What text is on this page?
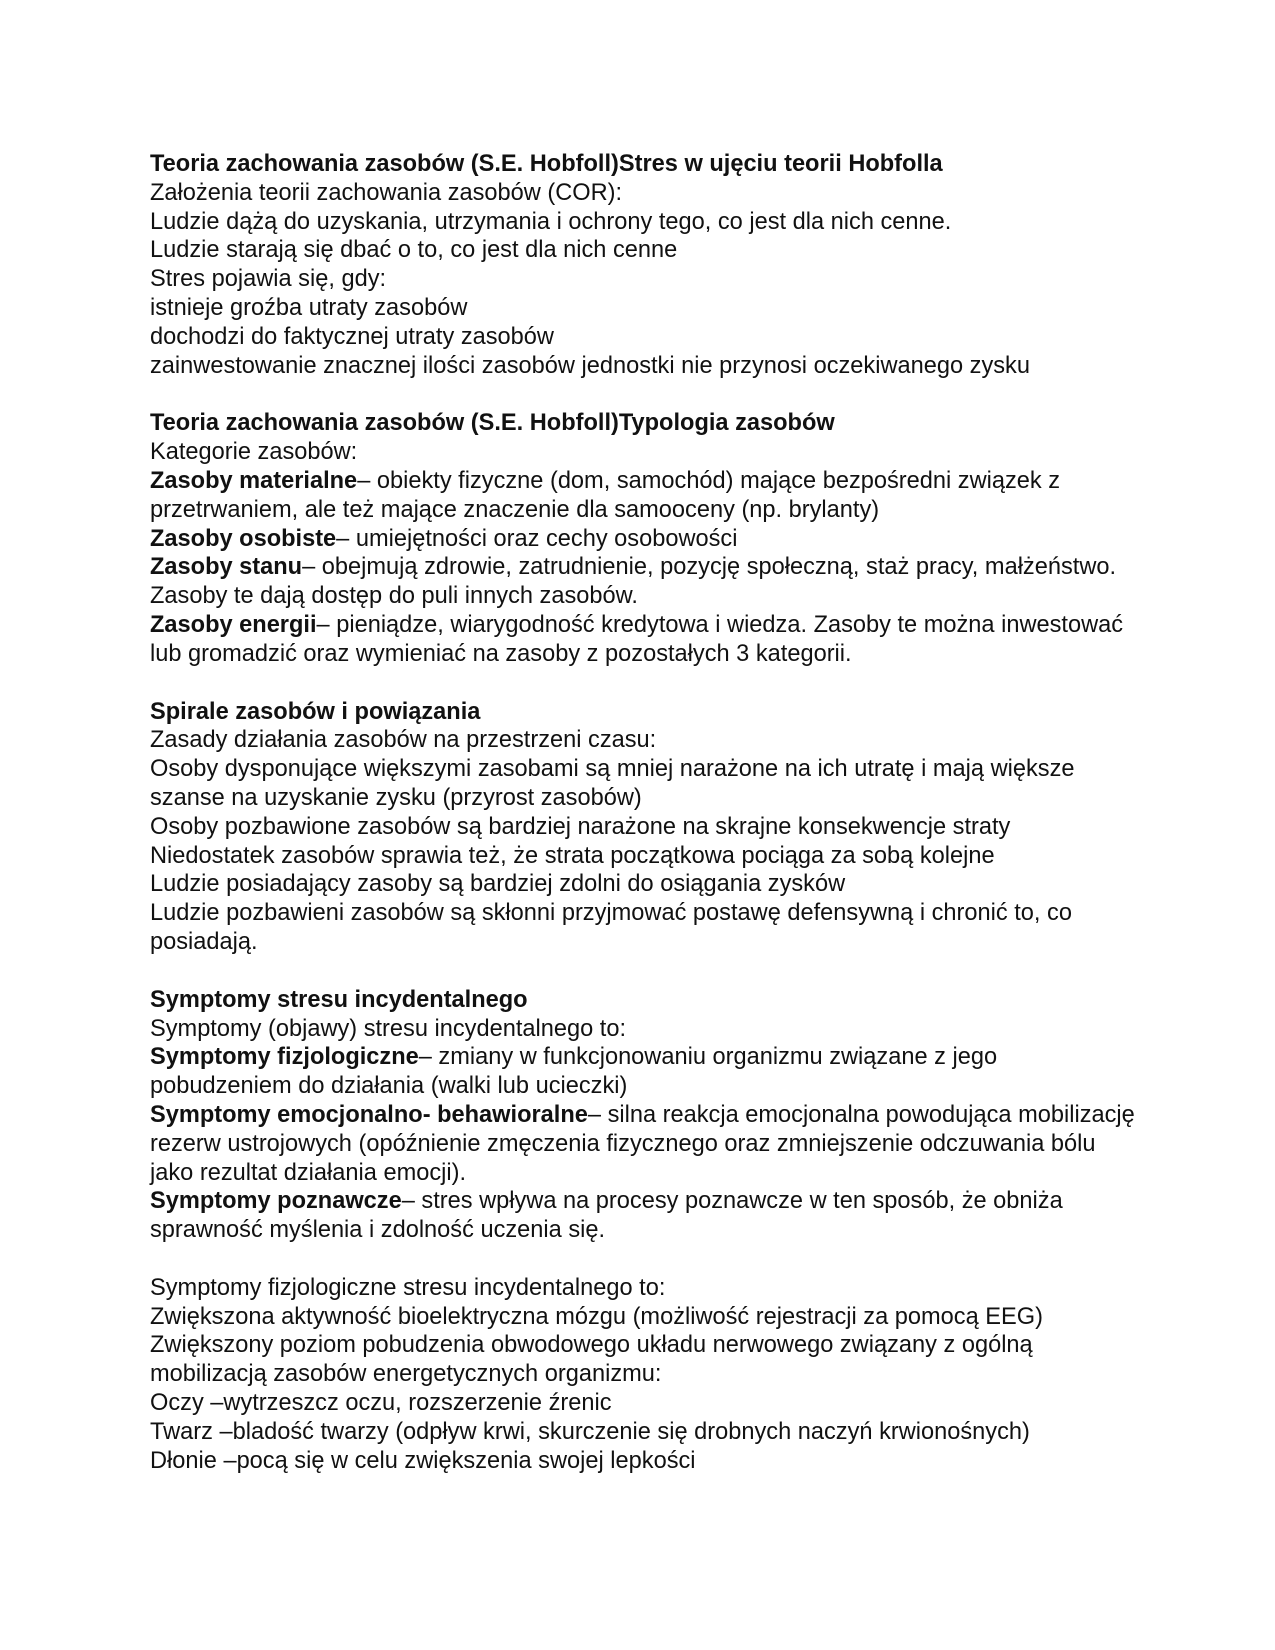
Teoria zachowania zasobów (S.E. Hobfoll)Stres w ujęciu teorii Hobfolla
Założenia teorii zachowania zasobów (COR):
Ludzie dążą do uzyskania, utrzymania i ochrony tego, co jest dla nich cenne.
Ludzie starają się dbać o to, co jest dla nich cenne
Stres pojawia się, gdy:
istnieje groźba utraty zasobów
dochodzi do faktycznej utraty zasobów
zainwestowanie znacznej ilości zasobów jednostki nie przynosi oczekiwanego zysku
Teoria zachowania zasobów (S.E. Hobfoll)Typologia zasobów
Kategorie zasobów:
Zasoby materialne– obiekty fizyczne (dom, samochód) mające bezpośredni związek z przetrwaniem, ale też mające znaczenie dla samooceny (np. brylanty)
Zasoby osobiste– umiejętności oraz cechy osobowości
Zasoby stanu– obejmują zdrowie, zatrudnienie, pozycję społeczną, staż pracy, małżeństwo. Zasoby te dają dostęp do puli innych zasobów.
Zasoby energii– pieniądze, wiarygodność kredytowa i wiedza. Zasoby te można inwestować lub gromadzić oraz wymieniać na zasoby z pozostałych 3 kategorii.
Spirale zasobów i powiązania
Zasady działania zasobów na przestrzeni czasu:
Osoby dysponujące większymi zasobami są mniej narażone na ich utratę i mają większe szanse na uzyskanie zysku (przyrost zasobów)
Osoby pozbawione zasobów są bardziej narażone na skrajne konsekwencje straty
Niedostatek zasobów sprawia też, że strata początkowa pociąga za sobą kolejne
Ludzie posiadający zasoby są bardziej zdolni do osiągania zysków
Ludzie pozbawieni zasobów są skłonni przyjmować postawę defensywną i chronić to, co posiadają.
Symptomy stresu incydentalnego
Symptomy (objawy) stresu incydentalnego to:
Symptomy fizjologiczne– zmiany w funkcjonowaniu organizmu związane z jego pobudzeniem do działania (walki lub ucieczki)
Symptomy emocjonalno- behawioralne– silna reakcja emocjonalna powodująca mobilizację rezerw ustrojowych (opóźnienie zmęczenia fizycznego oraz zmniejszenie odczuwania bólu jako rezultat działania emocji).
Symptomy poznawcze– stres wpływa na procesy poznawcze w ten sposób, że obniża sprawność myślenia i zdolność uczenia się.
Symptomy fizjologiczne stresu incydentalnego to:
Zwiększona aktywność bioelektryczna mózgu (możliwość rejestracji za pomocą EEG)
Zwiększony poziom pobudzenia obwodowego układu nerwowego związany z ogólną mobilizacją zasobów energetycznych organizmu:
Oczy –wytrzeszcz oczu, rozszerzenie źrenic
Twarz –bladość twarzy (odpływ krwi, skurczenie się drobnych naczyń krwionośnych)
Dłonie –pocą się w celu zwiększenia swojej lepkości
